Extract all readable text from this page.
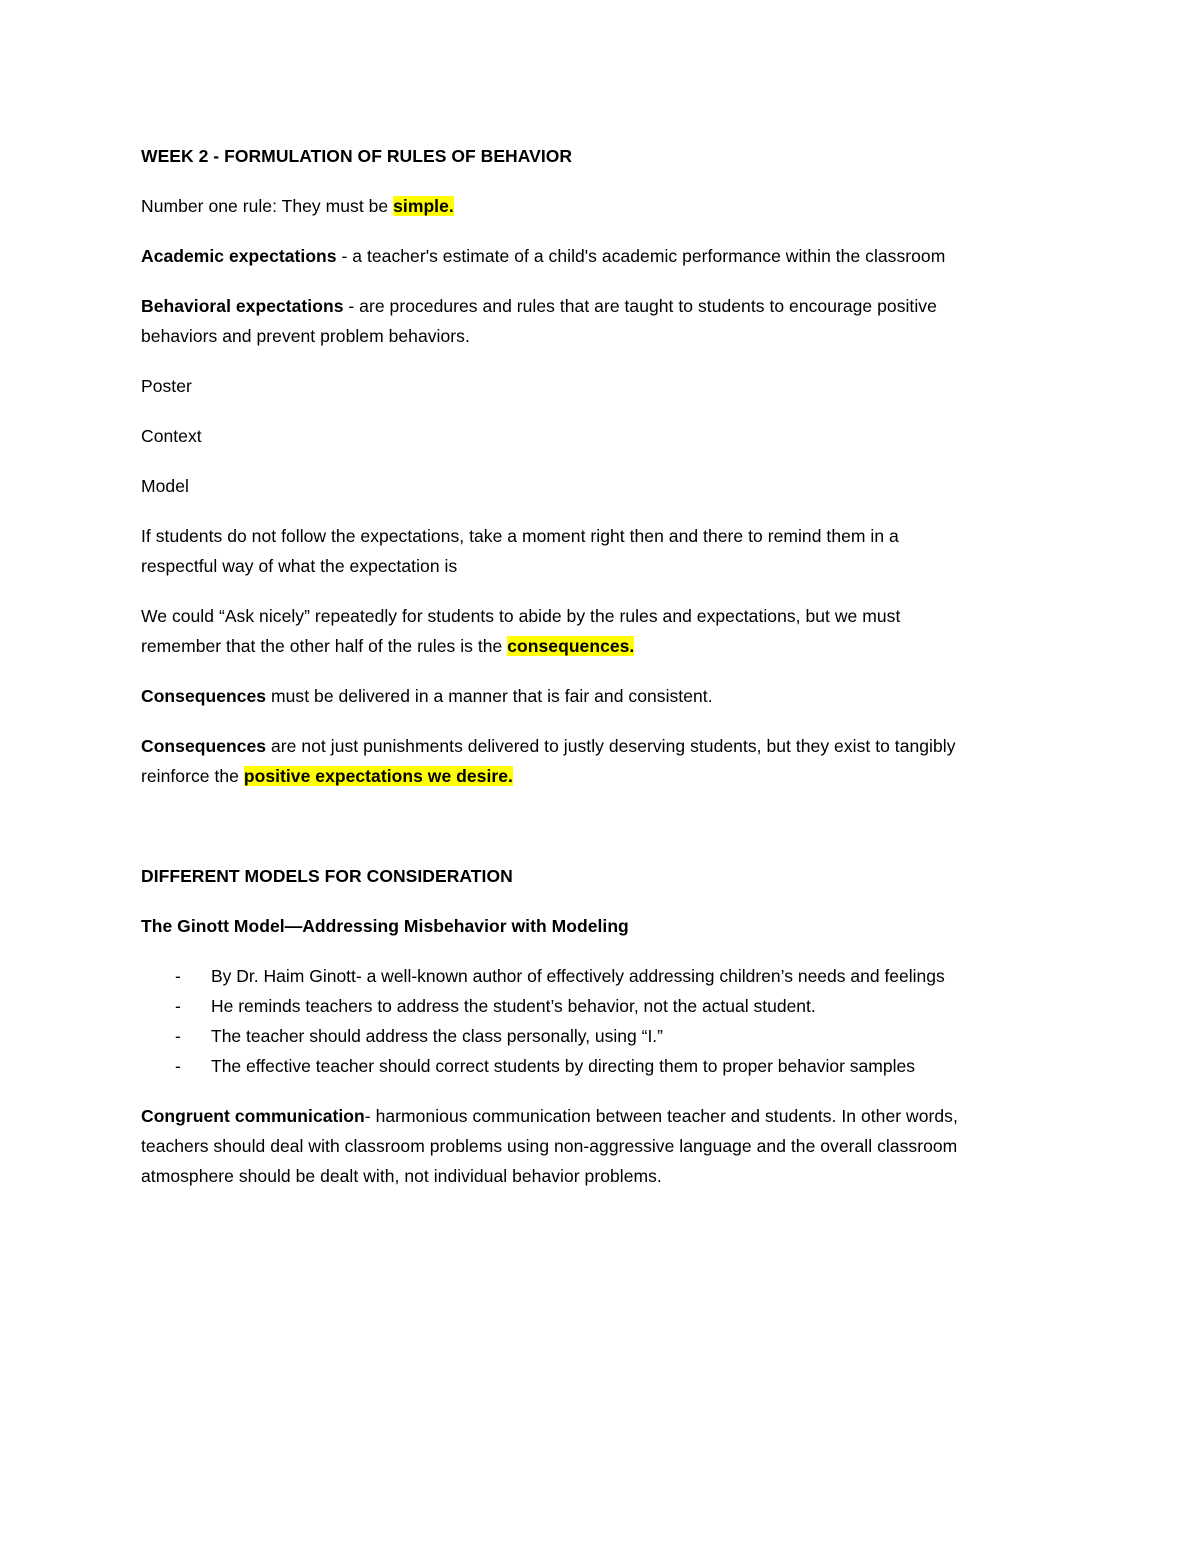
WEEK 2 - FORMULATION OF RULES OF BEHAVIOR
Number one rule: They must be simple.
Academic expectations - a teacher's estimate of a child's academic performance within the classroom
Behavioral expectations - are procedures and rules that are taught to students to encourage positive
behaviors and prevent problem behaviors.
Poster
Context
Model
If students do not follow the expectations, take a moment right then and there to remind them in a
respectful way of what the expectation is
We could “Ask nicely” repeatedly for students to abide by the rules and expectations, but we must
remember that the other half of the rules is the consequences.
Consequences must be delivered in a manner that is fair and consistent.
Consequences are not just punishments delivered to justly deserving students, but they exist to tangibly
reinforce the positive expectations we desire.
DIFFERENT MODELS FOR CONSIDERATION
The Ginott Model—Addressing Misbehavior with Modeling
- By Dr. Haim Ginott- a well-known author of effectively addressing children’s needs and feelings
- He reminds teachers to address the student’s behavior, not the actual student.
- The teacher should address the class personally, using “I.”
- The effective teacher should correct students by directing them to proper behavior samples
Congruent communication- harmonious communication between teacher and students. In other words,
teachers should deal with classroom problems using non-aggressive language and the overall classroom
atmosphere should be dealt with, not individual behavior problems.
